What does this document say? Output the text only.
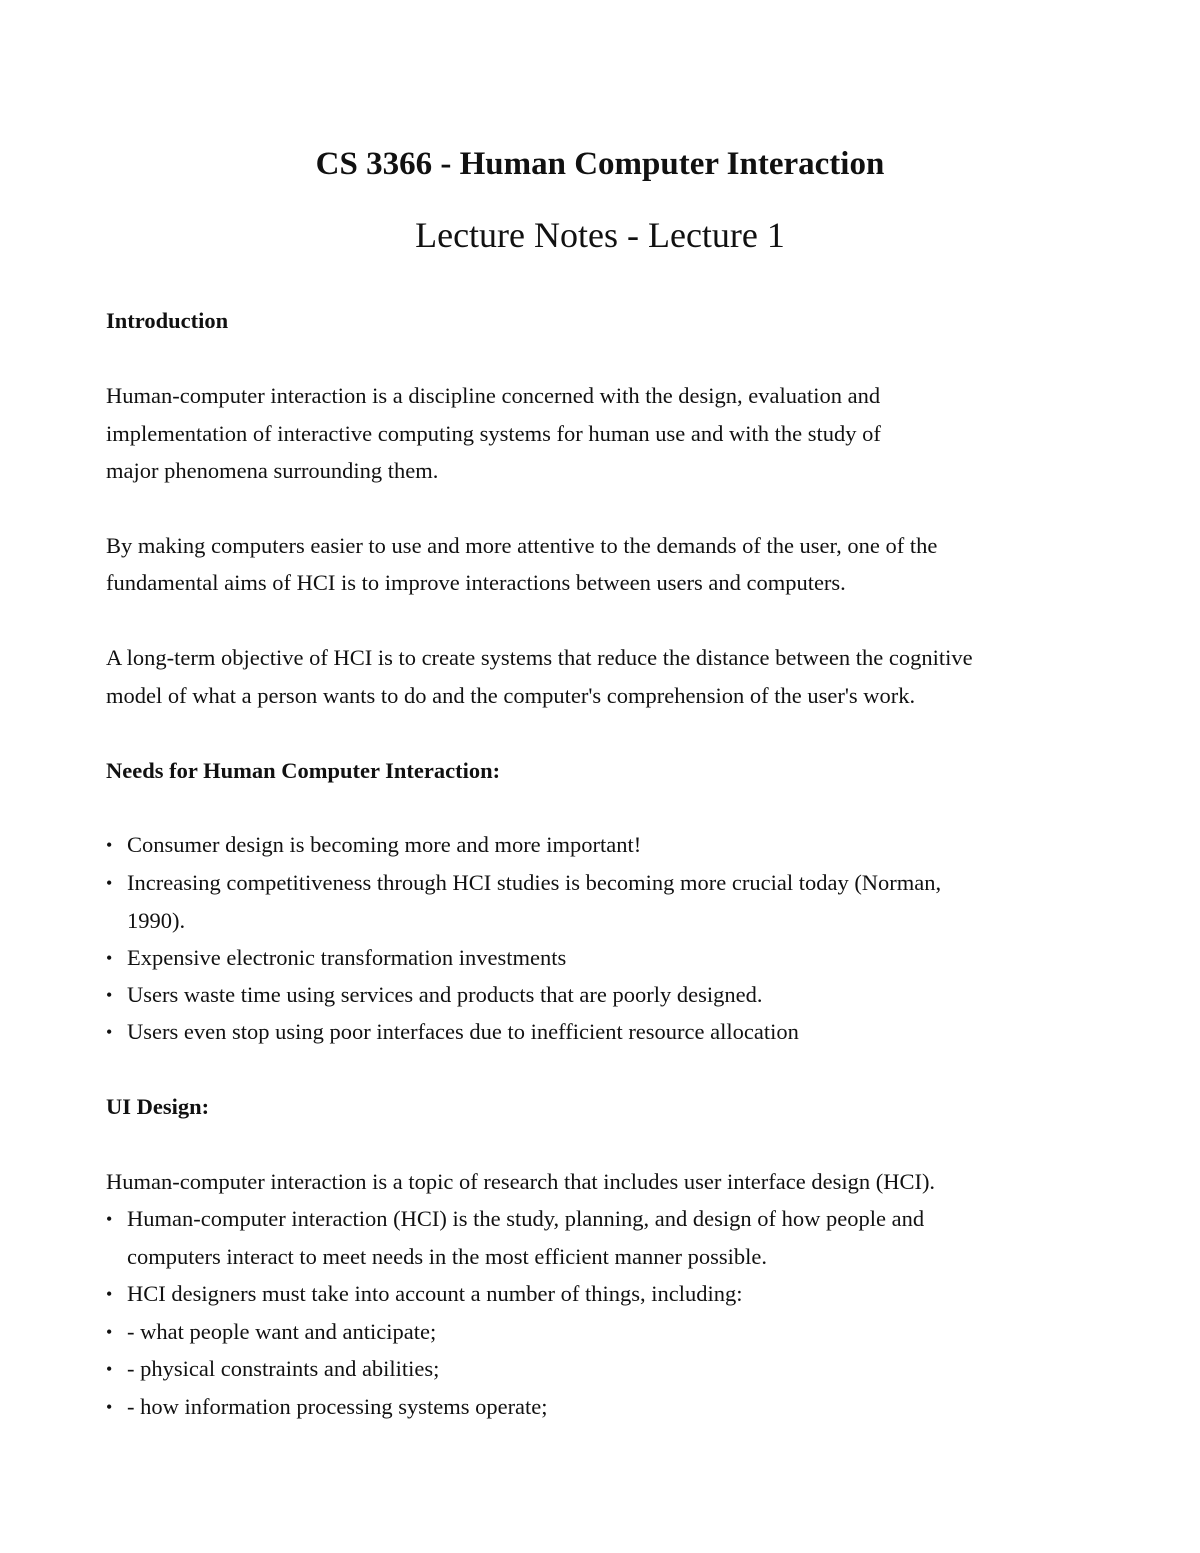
CS 3366 - Human Computer Interaction
Lecture Notes - Lecture 1

Introduction

Human-computer interaction is a discipline concerned with the design, evaluation and

implementation of interactive computing systems for human use and with the study of

major phenomena surrounding them.

By making computers easier to use and more attentive to the demands of the user, one of the

fundamental aims of HCI is to improve interactions between users and computers.

A long-term objective of HCI is to create systems that reduce the distance between the cognitive

model of what a person wants to do and the computer's comprehension of the user's work.

Needs for Human Computer Interaction:

• Consumer design is becoming more and more important!
• Increasing competitiveness through HCI studies is becoming more crucial today (Norman,
1990).
• Expensive electronic transformation investments
• Users waste time using services and products that are poorly designed.
• Users even stop using poor interfaces due to inefficient resource allocation

UI Design:

Human-computer interaction is a topic of research that includes user interface design (HCI).

• Human-computer interaction (HCI) is the study, planning, and design of how people and
computers interact to meet needs in the most efficient manner possible.
• HCI designers must take into account a number of things, including:
• - what people want and anticipate;
• - physical constraints and abilities;
• - how information processing systems operate;
